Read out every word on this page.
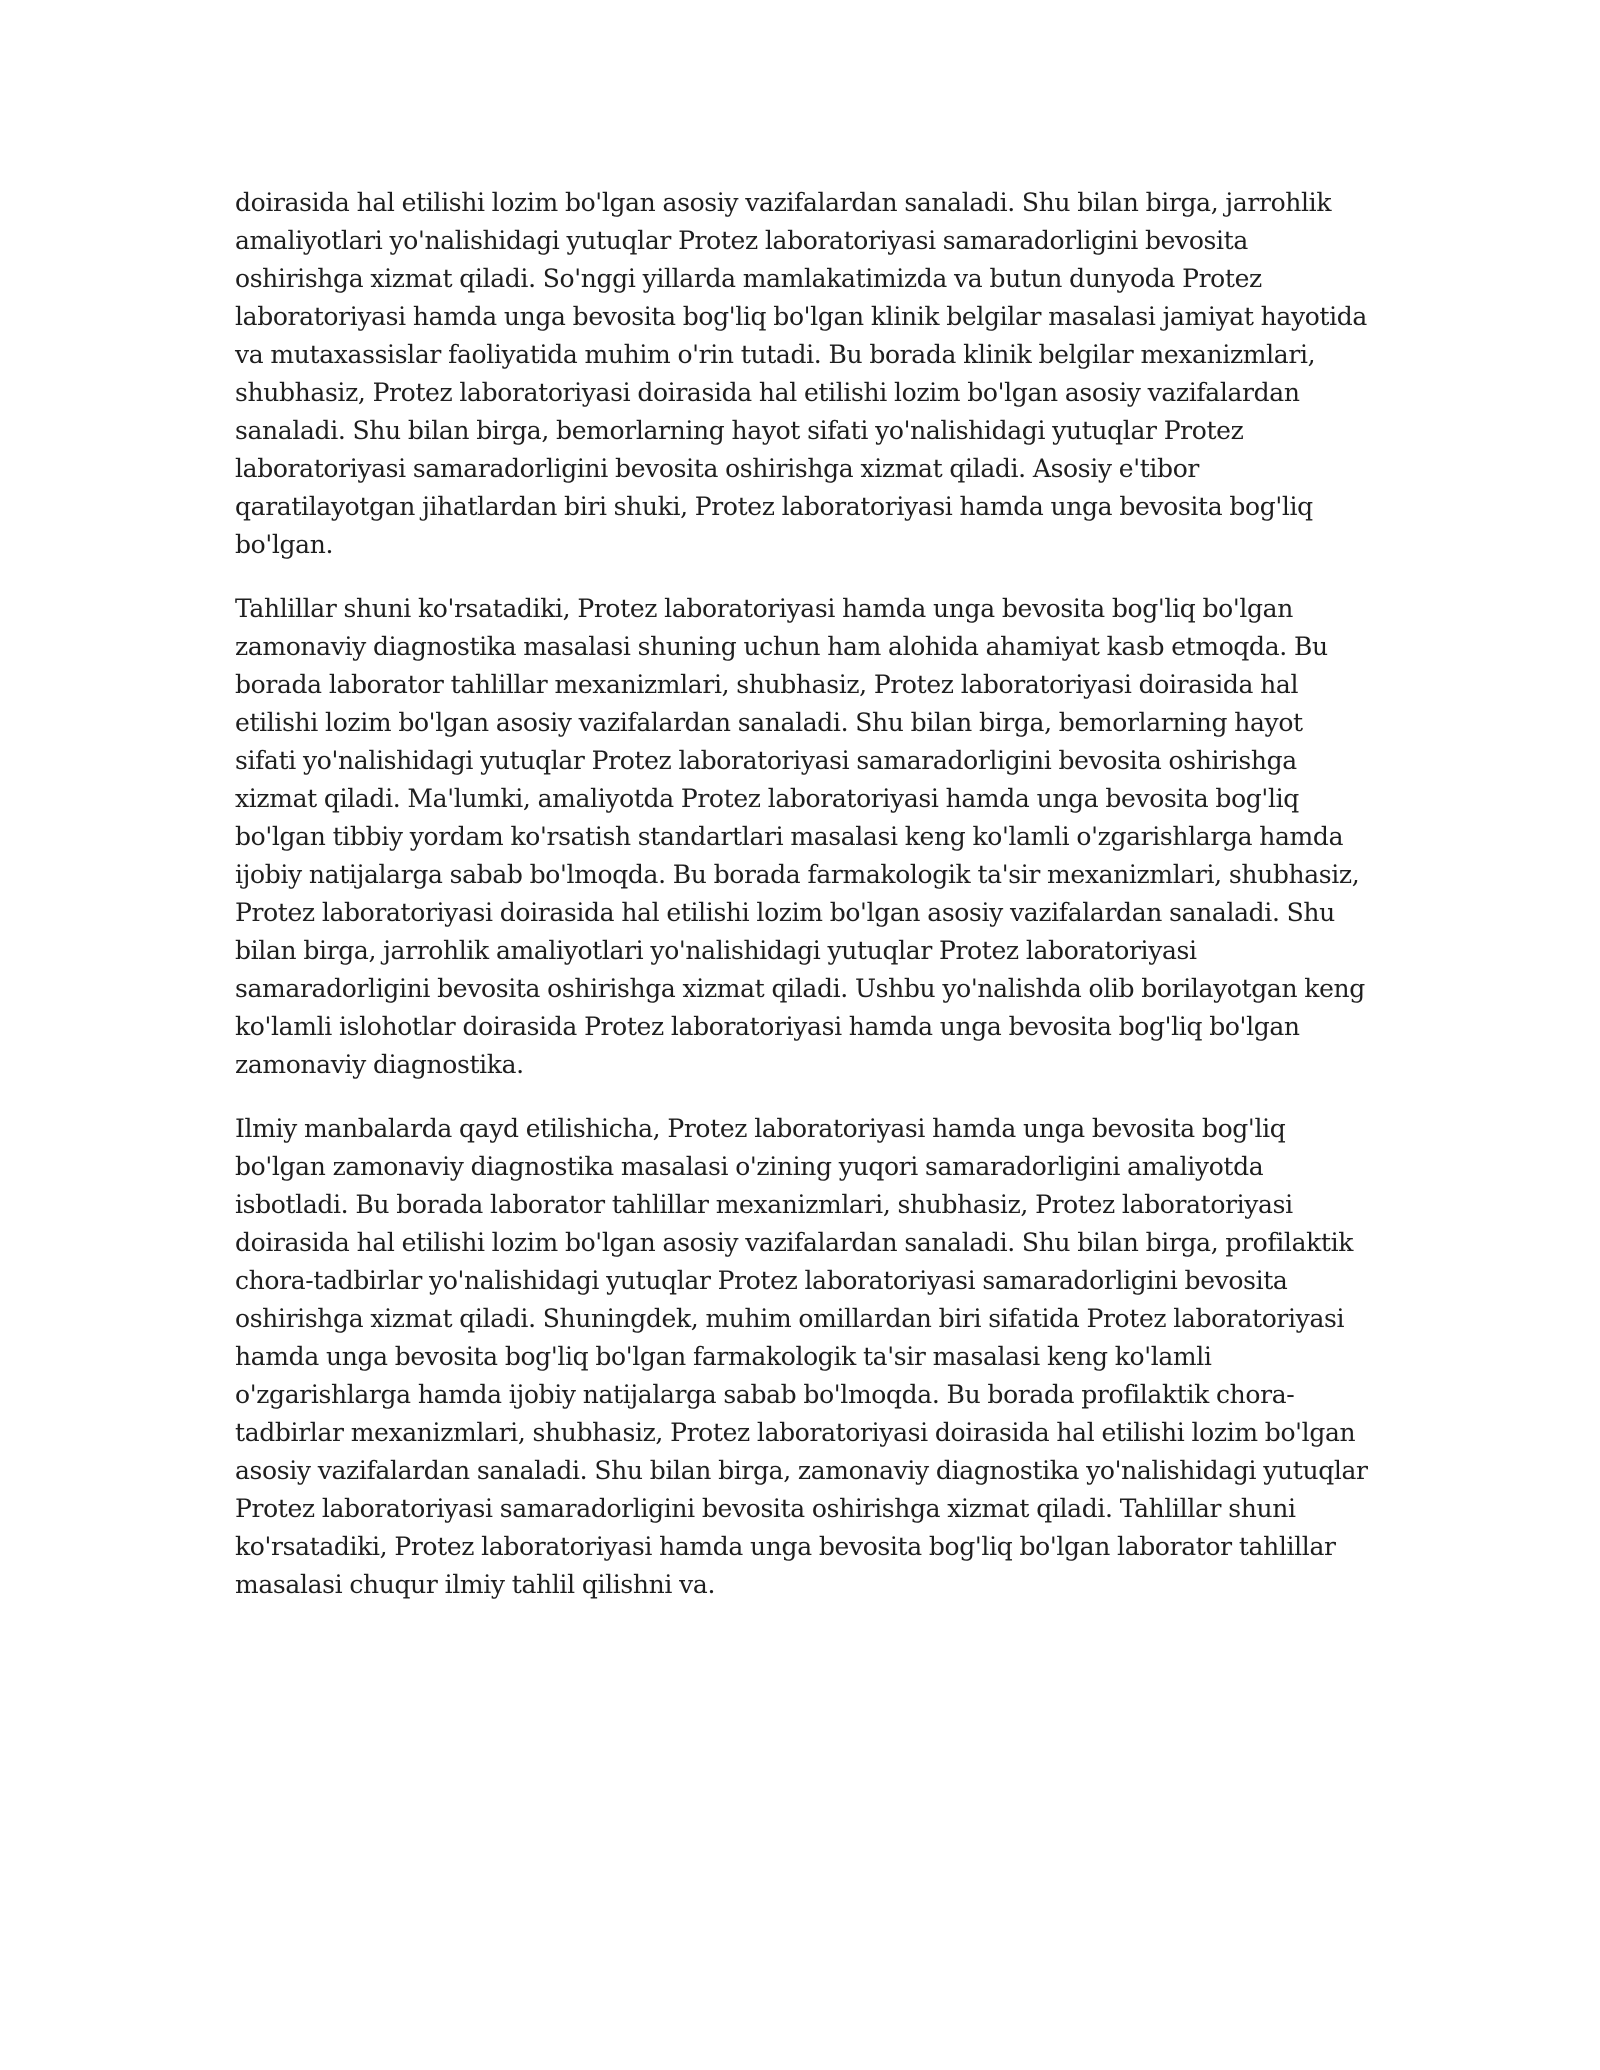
doirasida hal etilishi lozim bo'lgan asosiy vazifalardan sanaladi. Shu bilan birga, jarrohlik amaliyotlari yo'nalishidagi yutuqlar Protez laboratoriyasi samaradorligini bevosita oshirishga xizmat qiladi. So'nggi yillarda mamlakatimizda va butun dunyoda Protez laboratoriyasi hamda unga bevosita bog'liq bo'lgan klinik belgilar masalasi jamiyat hayotida va mutaxassislar faoliyatida muhim o'rin tutadi. Bu borada klinik belgilar mexanizmlari, shubhasiz, Protez laboratoriyasi doirasida hal etilishi lozim bo'lgan asosiy vazifalardan sanaladi. Shu bilan birga, bemorlarning hayot sifati yo'nalishidagi yutuqlar Protez laboratoriyasi samaradorligini bevosita oshirishga xizmat qiladi. Asosiy e'tibor qaratilayotgan jihatlardan biri shuki, Protez laboratoriyasi hamda unga bevosita bog'liq bo'lgan.

Tahlillar shuni ko'rsatadiki, Protez laboratoriyasi hamda unga bevosita bog'liq bo'lgan zamonaviy diagnostika masalasi shuning uchun ham alohida ahamiyat kasb etmoqda. Bu borada laborator tahlillar mexanizmlari, shubhasiz, Protez laboratoriyasi doirasida hal etilishi lozim bo'lgan asosiy vazifalardan sanaladi. Shu bilan birga, bemorlarning hayot sifati yo'nalishidagi yutuqlar Protez laboratoriyasi samaradorligini bevosita oshirishga xizmat qiladi. Ma'lumki, amaliyotda Protez laboratoriyasi hamda unga bevosita bog'liq bo'lgan tibbiy yordam ko'rsatish standartlari masalasi keng ko'lamli o'zgarishlarga hamda ijobiy natijalarga sabab bo'lmoqda. Bu borada farmakologik ta'sir mexanizmlari, shubhasiz, Protez laboratoriyasi doirasida hal etilishi lozim bo'lgan asosiy vazifalardan sanaladi. Shu bilan birga, jarrohlik amaliyotlari yo'nalishidagi yutuqlar Protez laboratoriyasi samaradorligini bevosita oshirishga xizmat qiladi. Ushbu yo'nalishda olib borilayotgan keng ko'lamli islohotlar doirasida Protez laboratoriyasi hamda unga bevosita bog'liq bo'lgan zamonaviy diagnostika.

Ilmiy manbalarda qayd etilishicha, Protez laboratoriyasi hamda unga bevosita bog'liq bo'lgan zamonaviy diagnostika masalasi o'zining yuqori samaradorligini amaliyotda isbotladi. Bu borada laborator tahlillar mexanizmlari, shubhasiz, Protez laboratoriyasi doirasida hal etilishi lozim bo'lgan asosiy vazifalardan sanaladi. Shu bilan birga, profilaktik chora-tadbirlar yo'nalishidagi yutuqlar Protez laboratoriyasi samaradorligini bevosita oshirishga xizmat qiladi. Shuningdek, muhim omillardan biri sifatida Protez laboratoriyasi hamda unga bevosita bog'liq bo'lgan farmakologik ta'sir masalasi keng ko'lamli o'zgarishlarga hamda ijobiy natijalarga sabab bo'lmoqda. Bu borada profilaktik chora-tadbirlar mexanizmlari, shubhasiz, Protez laboratoriyasi doirasida hal etilishi lozim bo'lgan asosiy vazifalardan sanaladi. Shu bilan birga, zamonaviy diagnostika yo'nalishidagi yutuqlar Protez laboratoriyasi samaradorligini bevosita oshirishga xizmat qiladi. Tahlillar shuni ko'rsatadiki, Protez laboratoriyasi hamda unga bevosita bog'liq bo'lgan laborator tahlillar masalasi chuqur ilmiy tahlil qilishni va.
